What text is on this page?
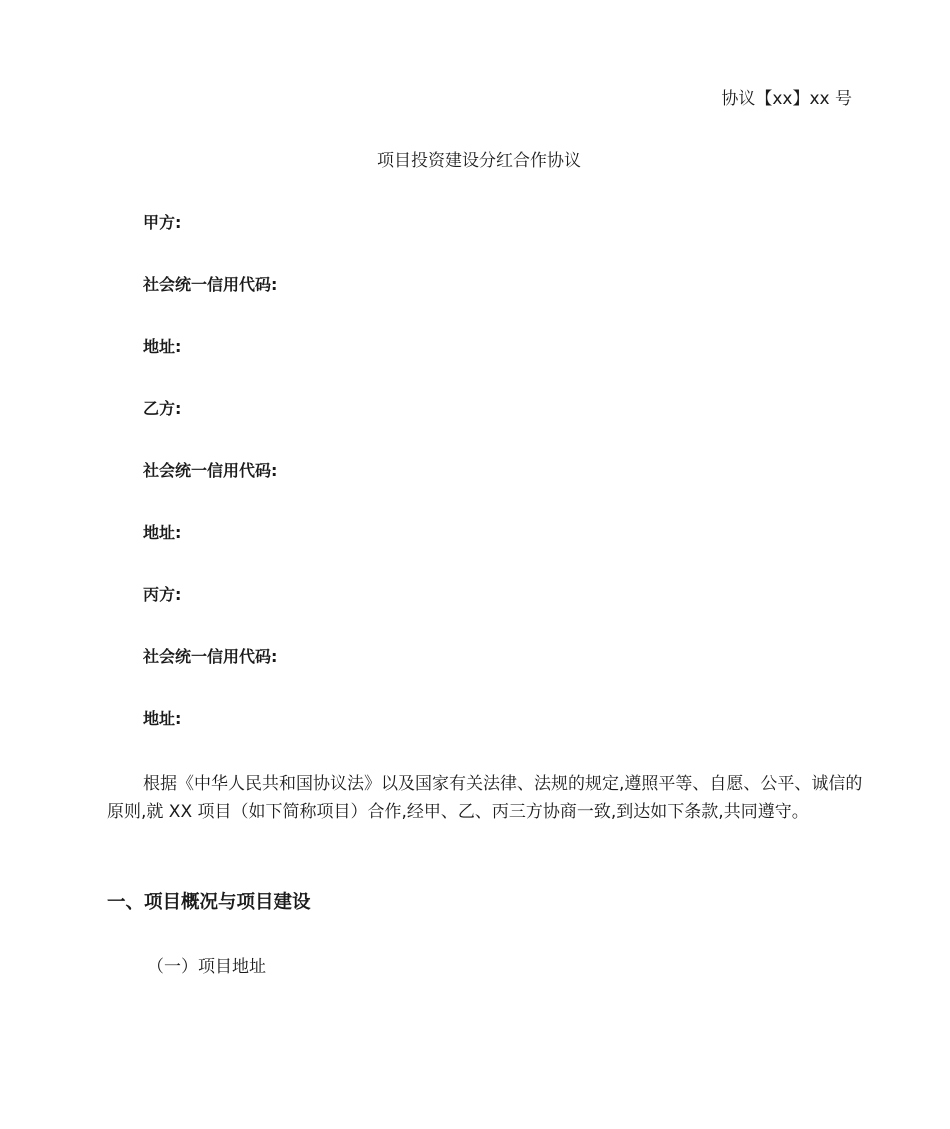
协议【xx】xx 号
项目投资建设分红合作协议
甲方:
社会统一信用代码:
地址:
乙方:
社会统一信用代码:
地址:
丙方:
社会统一信用代码:
地址:

根据《中华人民共和国协议法》以及国家有关法律、法规的规定,遵照平等、自愿、公平、诚信的原则,就 XX 项目（如下简称项目）合作,经甲、乙、丙三方协商一致,到达如下条款,共同遵守。

一、项目概况与项目建设
（一）项目地址
